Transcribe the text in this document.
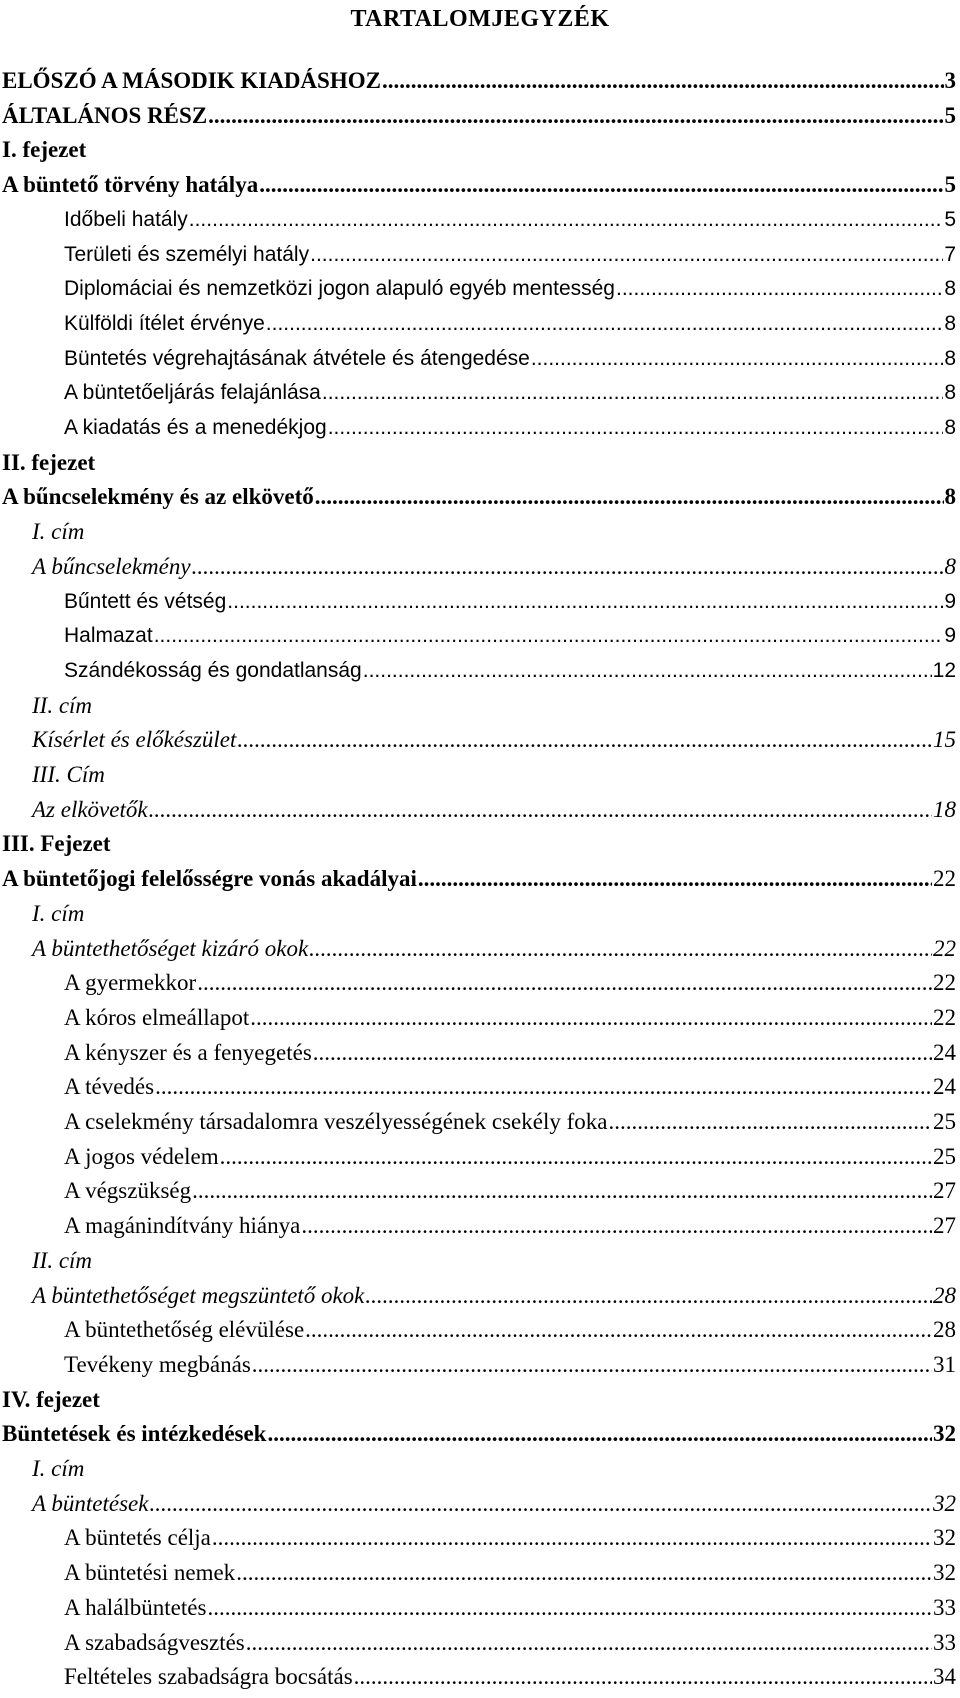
TARTALOMJEGYZÉK
ELŐSZÓ A MÁSODIK KIADÁSHOZ .....	3
ÁLTALÁNOS RÉSZ .....	5
I. fejezet
A büntető törvény hatálya .....	5
Időbeli hatály .....	5
Területi és személyi hatály .....	7
Diplomáciai és nemzetközi jogon alapuló egyéb mentesség .....	8
Külföldi ítélet érvénye .....	8
Büntetés végrehajtásának átvétele és átengedése .....	8
A büntetőeljárás felajánlása .....	8
A kiadatás és a menedékjog .....	8
II. fejezet
A bűncselekmény és az elkövető .....	8
I. cím
A bűncselekmény .....	8
Bűntett és vétség .....	9
Halmazat .....	9
Szándékosság és gondatlanság .....	12
II. cím
Kísérlet és előkészület .....	15
III. Cím
Az elkövetők .....	18
III. Fejezet
A büntetőjogi felelősségre vonás akadályai .....	22
I. cím
A büntethetőséget kizáró okok .....	22
A gyermekkor .....	22
A kóros elmeállapot .....	22
A kényszer és a fenyegetés .....	24
A tévedés .....	24
A cselekmény társadalomra veszélyességének csekély foka .....	25
A jogos védelem .....	25
A végszükség .....	27
A magánindítvány hiánya .....	27
II. cím
A büntethetőséget megszüntető okok .....	28
A büntethetőség elévülése .....	28
Tevékeny megbánás .....	31
IV. fejezet
Büntetések és intézkedések .....	32
I. cím
A büntetések .....	32
A büntetés célja .....	32
A büntetési nemek .....	32
A halálbüntetés .....	33
A szabadságvesztés .....	33
Feltételes szabadságra bocsátás .....	34
